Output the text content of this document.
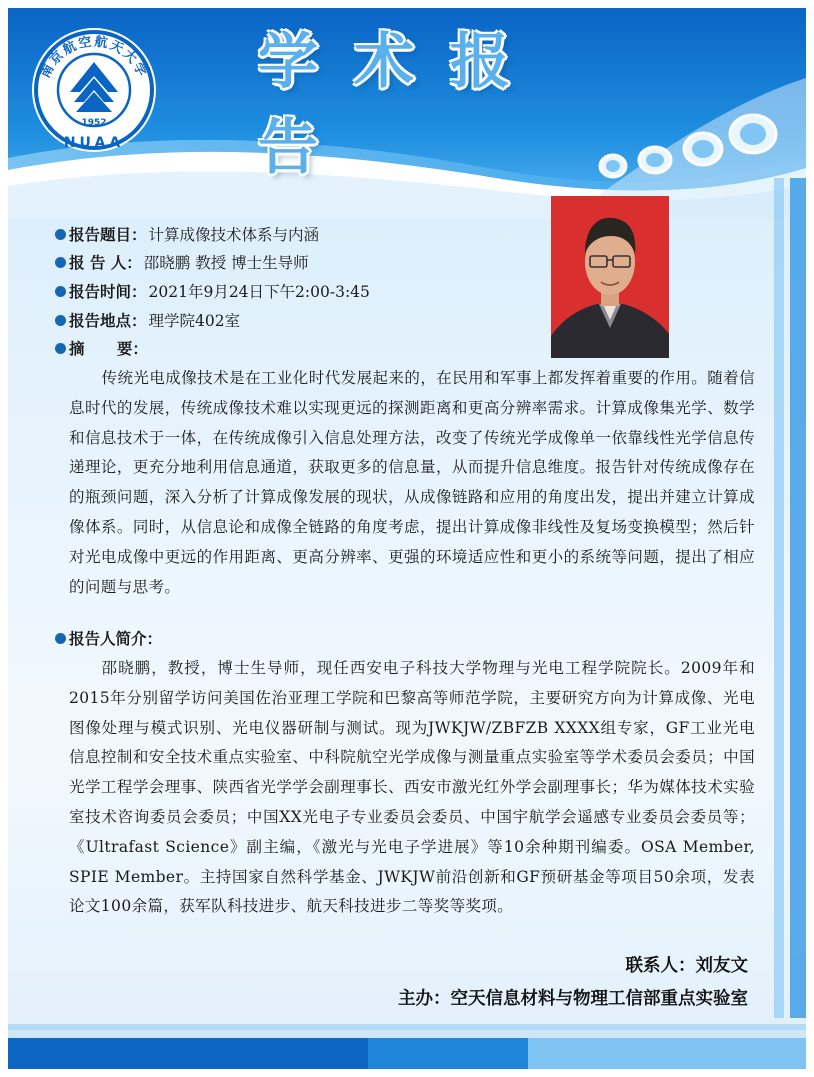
1952
NUAA
南京航空航天大学 学术报
报告题目： 计算成像技术体系与内涵
报 告 人： 邵晓鹏 教授 博士生导师
报告时间： 2021年9月24日下午2:00-3:45
报告地点： 理学院402室
摘      要：

传统光电成像技术是在工业化时代发展起来的，在民用和军事上都发挥着重要的作用。随着信息时代的发展，传统成像技术难以实现更远的探测距离和更高分辨率需求。计算成像集光学、数学和信息技术于一体，在传统成像引入信息处理方法，改变了传统光学成像单一依靠线性光学信息传递理论，更充分地利用信息通道，获取更多的信息量，从而提升信息维度。报告针对传统成像存在的瓶颈问题，深入分析了计算成像发展的现状，从成像链路和应用的角度出发，提出并建立计算成像体系。同时，从信息论和成像全链路的角度考虑，提出计算成像非线性及复场变换模型；然后针对光电成像中更远的作用距离、更高分辨率、更强的环境适应性和更小的系统等问题，提出了相应的问题与思考。

报告人简介：

邵晓鹏，教授，博士生导师，现任西安电子科技大学物理与光电工程学院院长。2009年和2015年分别留学访问美国佐治亚理工学院和巴黎高等师范学院，主要研究方向为计算成像、光电图像处理与模式识别、光电仪器研制与测试。现为JWKJW/ZBFZB XXXX组专家，GF工业光电信息控制和安全技术重点实验室、中科院航空光学成像与测量重点实验室等学术委员会委员；中国光学工程学会理事、陕西省光学学会副理事长、西安市激光红外学会副理事长；华为媒体技术实验室技术咨询委员会委员；中国XX光电子专业委员会委员、中国宇航学会遥感专业委员会委员等；《Ultrafast Science》副主编，《激光与光电子学进展》等10余种期刊编委。OSA Member, SPIE Member。主持国家自然科学基金、JWKJW前沿创新和GF预研基金等项目50余项，发表论文100余篇，获军队科技进步、航天科技进步二等奖等奖项。

联系人：刘友文
主办：空天信息材料与物理工信部重点实验室
